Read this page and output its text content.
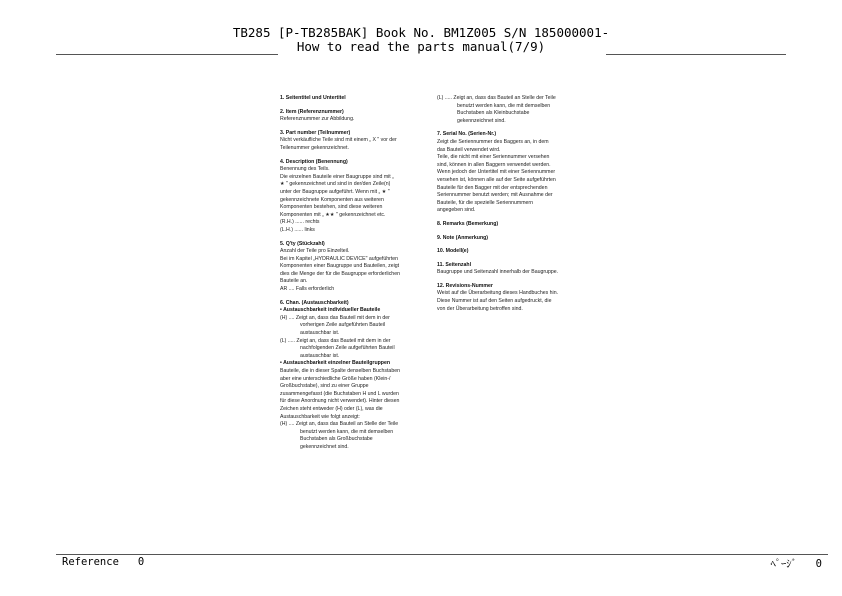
TB285 [P-TB285BAK] Book No. BM1Z005 S/N 185000001-
How to read the parts manual(7/9)

1. Seitentitel und Untertitel

2. Item (Referenznummer)

Referenznummer zur Abbildung.

3. Part number (Teilnummer)

Nicht verkäufliche Teile sind mit einem „ X " vor der

Teilenummer gekennzeichnet.

4. Description (Benennung)

Benennung des Teils.

Die einzelnen Bauteile einer Baugruppe sind mit „

★ " gekennzeichnet und sind in der/den Zeile(n)

unter der Baugruppe aufgeführt. Wenn mit „ ★ "

gekennzeichnete Komponenten aus weiteren

Komponenten bestehen, sind diese weiteren

Komponenten mit „ ★★ " gekennzeichnet etc.

(R.H.) ...... rechts

(L.H.) ...... links

5. Q'ty (Stückzahl)

Anzahl der Teile pro Einzelteil.

Bei im Kapitel „HYDRAULIC DEVICE" aufgeführten

Komponenten einer Baugruppe und Bauteilen, zeigt

dies die Menge der für die Baugruppe erforderlichen

Bauteile an.

AR .... Falls erforderlich

6. Chan. (Austauschbarkeit)

• Austauschbarkeit individueller Bauteile

(H) .... Zeigt an, dass das Bauteil mit dem in der

vorherigen Zeile aufgeführten Bauteil

austauschbar ist.

(L) ..... Zeigt an, dass das Bauteil mit dem in der

nachfolgenden Zeile aufgeführten Bauteil

austauschbar ist.

• Austauschbarkeit einzelner Bauteilgruppen

Bauteile, die in dieser Spalte denselben Buchstaben

aber eine unterschiedliche Größe haben (Klein-/

Großbuchstabe), sind zu einer Gruppe

zusammengefasst (die Buchstaben H und L wurden

für diese Anordnung nicht verwendet). Hinter diesen

Zeichen steht entweder (H) oder (L), was die

Austauschbarkeit wie folgt anzeigt:

(H) .... Zeigt an, dass das Bauteil an Stelle der Teile

benutzt werden kann, die mit demselben

Buchstaben als Großbuchstabe

gekennzeichnet sind.

(L) ..... Zeigt an, dass das Bauteil an Stelle der Teile

benutzt werden kann, die mit demselben

Buchstaben als Kleinbuchstabe

gekennzeichnet sind.

7. Serial No. (Serien-Nr.)

Zeigt die Seriennummer des Baggers an, in dem

das Bauteil verwendet wird.

Teile, die nicht mit einer Seriennummer versehen

sind, können in allen Baggern verwendet werden.

Wenn jedoch der Untertitel mit einer Seriennummer

versehen ist, können alle auf der Seite aufgeführten

Bauteile für den Bagger mit der entsprechenden

Seriennummer benutzt werden; mit Ausnahme der

Bauteile, für die spezielle Seriennummern

angegeben sind.

8. Remarks (Bemerkung)

9. Note (Anmerkung)

10. Modell(e)

11. Seitenzahl

Baugruppe und Seitenzahl innerhalb der Baugruppe.

12. Revisions-Nummer

Weist auf die Überarbeitung dieses Handbuches hin.

Diese Nummer ist auf den Seiten aufgedruckt, die

von der Überarbeitung betroffen sind.

Reference   0	ﾍﾟｰｼﾞ   0
